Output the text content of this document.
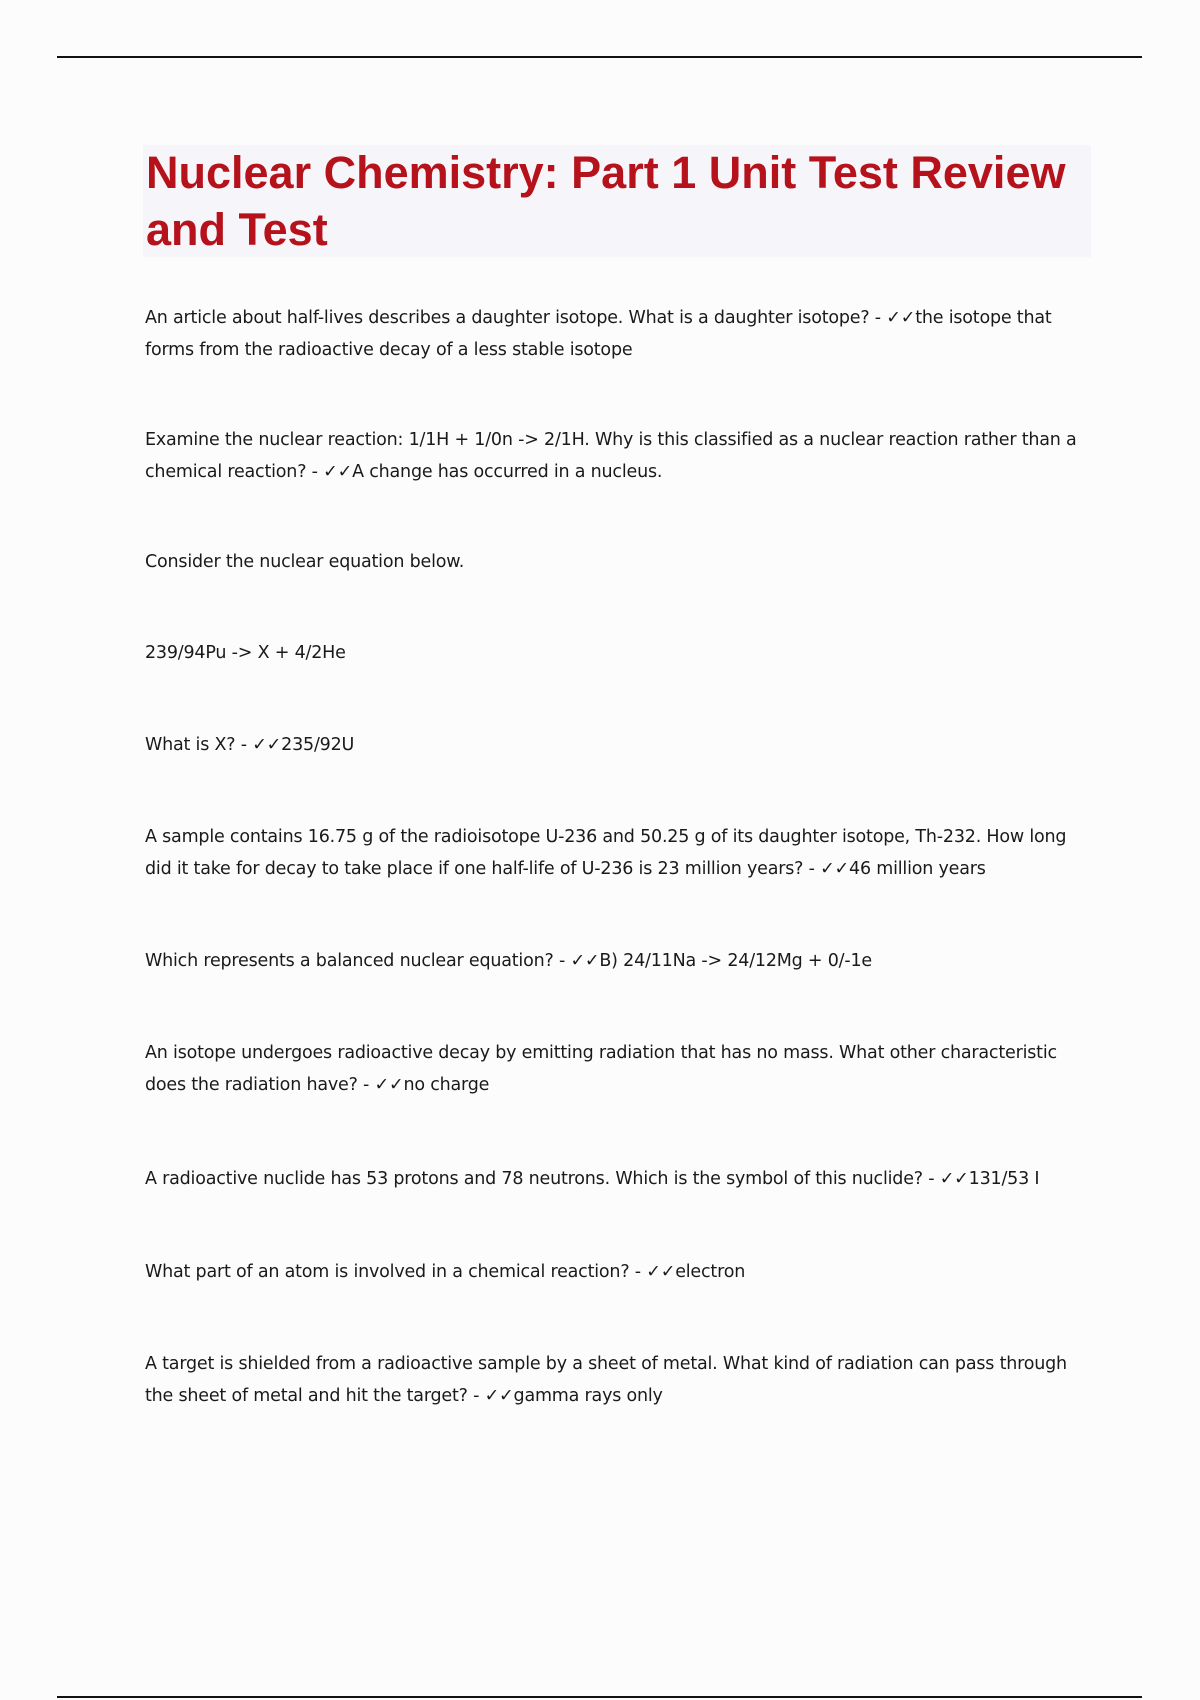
Nuclear Chemistry: Part 1 Unit Test Review and Test

An article about half-lives describes a daughter isotope. What is a daughter isotope? - ✓✓the isotope that forms from the radioactive decay of a less stable isotope

Examine the nuclear reaction: 1/1H + 1/0n -> 2/1H. Why is this classified as a nuclear reaction rather than a chemical reaction? - ✓✓A change has occurred in a nucleus.

Consider the nuclear equation below.

239/94Pu -> X + 4/2He

What is X? - ✓✓235/92U

A sample contains 16.75 g of the radioisotope U-236 and 50.25 g of its daughter isotope, Th-232. How long did it take for decay to take place if one half-life of U-236 is 23 million years? - ✓✓46 million years

Which represents a balanced nuclear equation? - ✓✓B) 24/11Na -> 24/12Mg + 0/-1e

An isotope undergoes radioactive decay by emitting radiation that has no mass. What other characteristic does the radiation have? - ✓✓no charge

A radioactive nuclide has 53 protons and 78 neutrons. Which is the symbol of this nuclide? - ✓✓131/53 I

What part of an atom is involved in a chemical reaction? - ✓✓electron

A target is shielded from a radioactive sample by a sheet of metal. What kind of radiation can pass through the sheet of metal and hit the target? - ✓✓gamma rays only
